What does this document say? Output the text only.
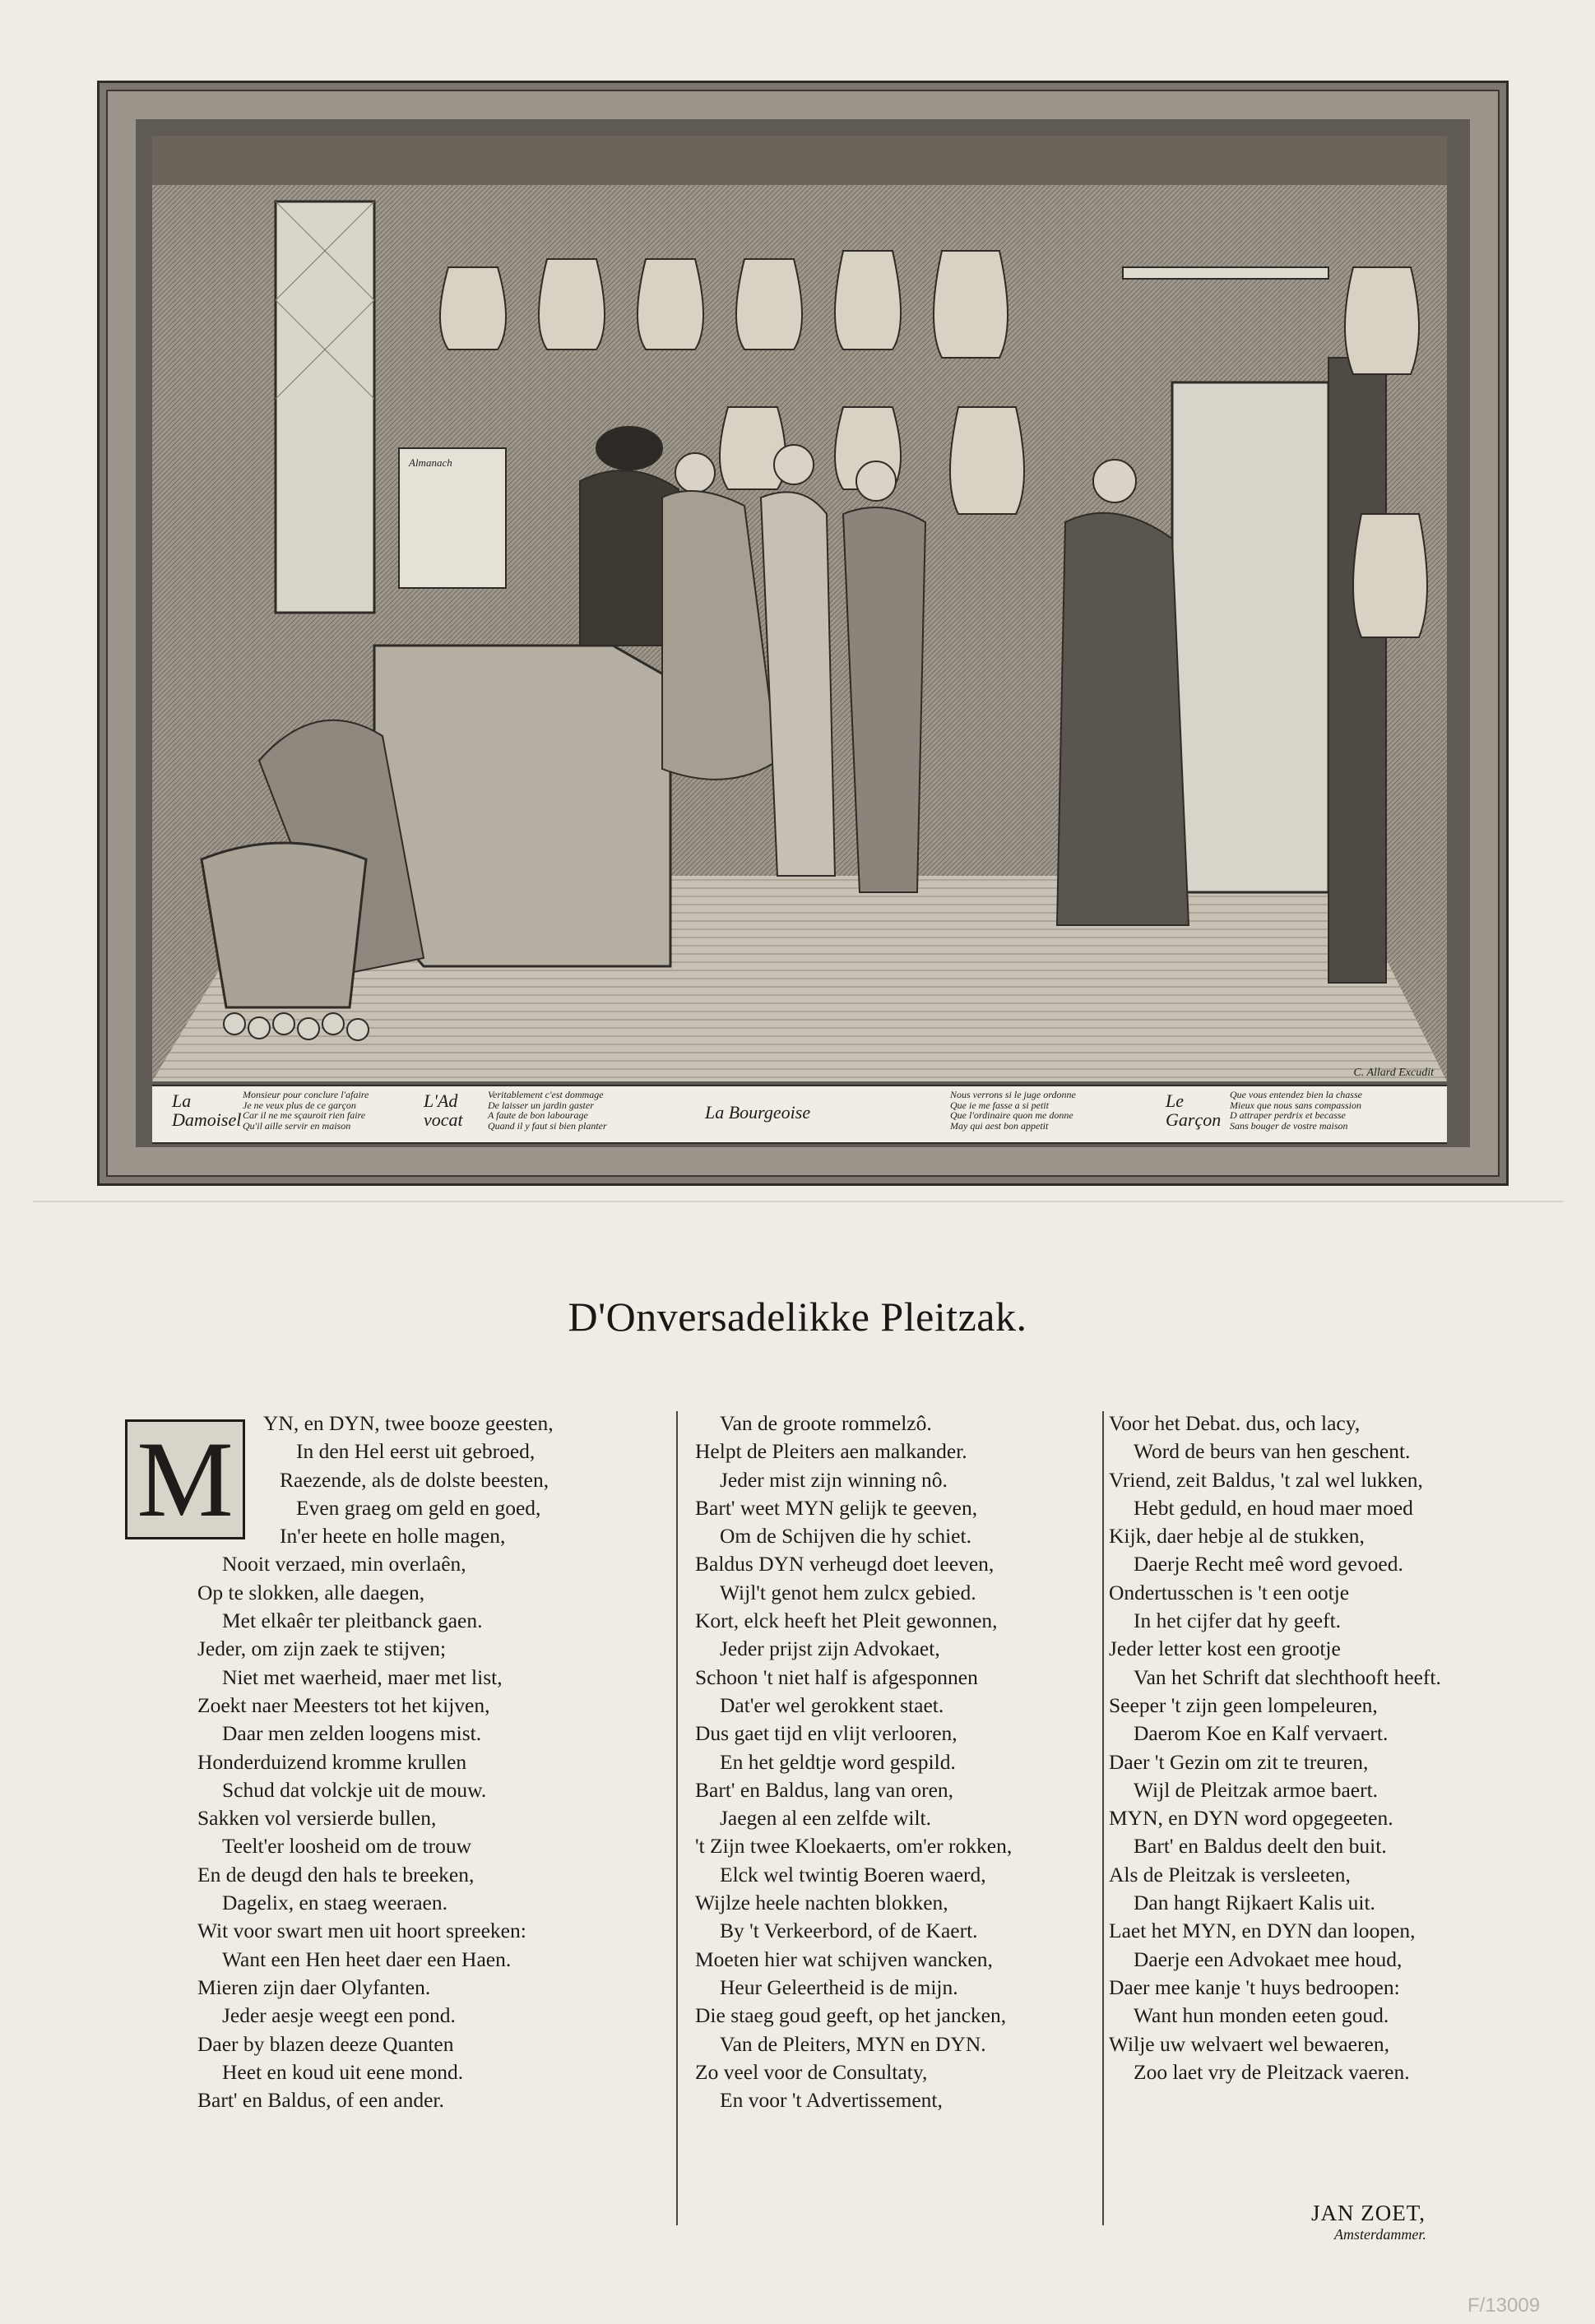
Almanach
C. Allard Excudit
La Damoisel
Monsieur pour conclure l'afaire
Je ne veux plus de ce garçon
Car il ne me sçauroit rien faire
Qu'il aille servir en maison
L'Ad vocat
Veritablement c'est dommage
De laisser un jardin gaster
A faute de bon labourage
Quand il y faut si bien planter
La Bourgeoise
Nous verrons si le juge ordonne
Que ie me fasse a si petit
Que l'ordinaire quon me donne
May qui aest bon appetit
Le Garçon
Que vous entendez bien la chasse
Mieux que nous sans compassion
D attraper perdrix et becasse
Sans bouger de vostre maison
D'Onversadelikke Pleitzak.
M	YN, en DYN, twee booze geesten,
In den Hel eerst uit gebroed,
Raezende, als de dolste beesten,
Even graeg om geld en goed,
In'er heete en holle magen,
Nooit verzaed, min overlaên,
Op te slokken, alle daegen,
Met elkaêr ter pleitbanck gaen.
Jeder, om zijn zaek te stijven;
Niet met waerheid, maer met list,
Zoekt naer Meesters tot het kijven,
Daar men zelden loogens mist.
Honderduizend kromme krullen
Schud dat volckje uit de mouw.
Sakken vol versierde bullen,
Teelt'er loosheid om de trouw
En de deugd den hals te breeken,
Dagelix, en staeg weeraen.
Wit voor swart men uit hoort spreeken:
Want een Hen heet daer een Haen.
Mieren zijn daer Olyfanten.
Jeder aesje weegt een pond.
Daer by blazen deeze Quanten
Heet en koud uit eene mond.
Bart' en Baldus, of een ander.
Van de groote rommelzô.
Helpt de Pleiters aen malkander.
Jeder mist zijn winning nô.
Bart' weet MYN gelijk te geeven,
Om de Schijven die hy schiet.
Baldus DYN verheugd doet leeven,
Wijl't genot hem zulcx gebied.
Kort, elck heeft het Pleit gewonnen,
Jeder prijst zijn Advokaet,
Schoon 't niet half is afgesponnen
Dat'er wel gerokkent staet.
Dus gaet tijd en vlijt verlooren,
En het geldtje word gespild.
Bart' en Baldus, lang van oren,
Jaegen al een zelfde wilt.
't Zijn twee Kloekaerts, om'er rokken,
Elck wel twintig Boeren waerd,
Wijlze heele nachten blokken,
By 't Verkeerbord, of de Kaert.
Moeten hier wat schijven wancken,
Heur Geleertheid is de mijn.
Die staeg goud geeft, op het jancken,
Van de Pleiters, MYN en DYN.
Zo veel voor de Consultaty,
En voor 't Advertissement,
Voor het Debat. dus, och lacy,
Word de beurs van hen geschent.
Vriend, zeit Baldus, 't zal wel lukken,
Hebt geduld, en houd maer moed
Kijk, daer hebje al de stukken,
Daerje Recht meê word gevoed.
Ondertusschen is 't een ootje
In het cijfer dat hy geeft.
Jeder letter kost een grootje
Van het Schrift dat slechthooft heeft.
Seeper 't zijn geen lompeleuren,
Daerom Koe en Kalf vervaert.
Daer 't Gezin om zit te treuren,
Wijl de Pleitzak armoe baert.
MYN, en DYN word opgegeeten.
Bart' en Baldus deelt den buit.
Als de Pleitzak is versleeten,
Dan hangt Rijkaert Kalis uit.
Laet het MYN, en DYN dan loopen,
Daerje een Advokaet mee houd,
Daer mee kanje 't huys bedroopen:
Want hun monden eeten goud.
Wilje uw welvaert wel bewaeren,
Zoo laet vry de Pleitzack vaeren.
JAN ZOET,
Amsterdammer.
F/13009
